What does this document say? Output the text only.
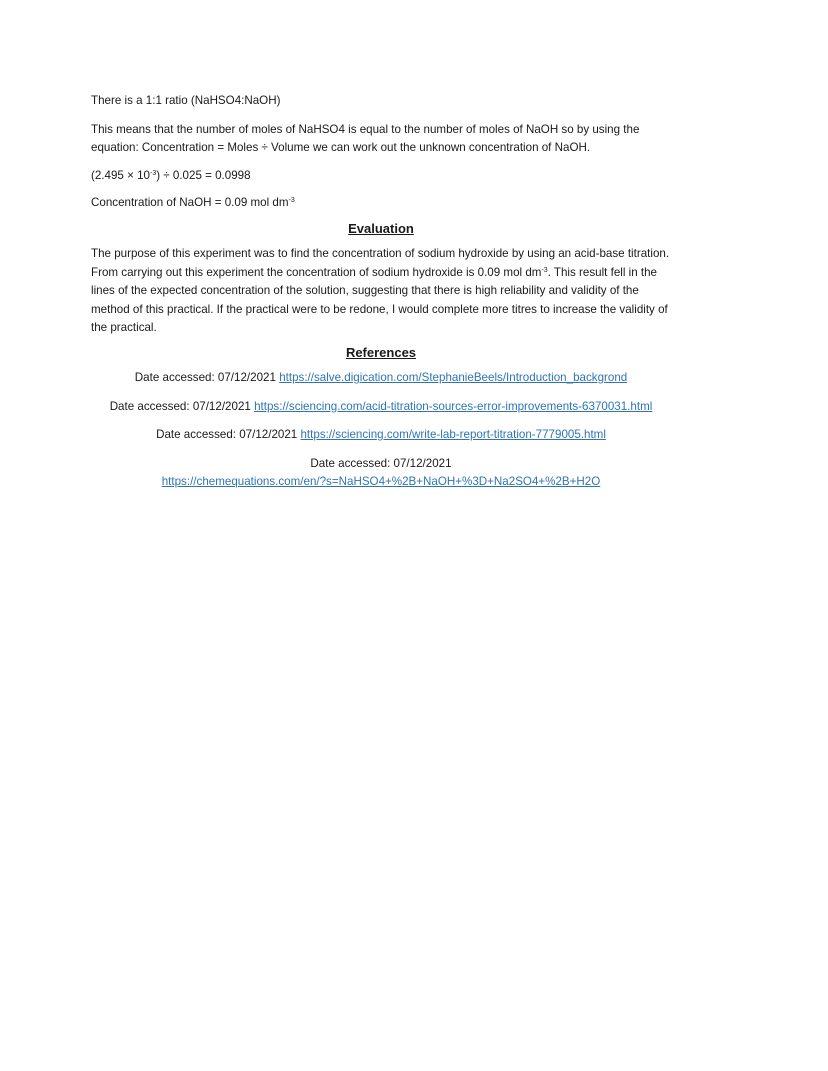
There is a 1:1 ratio (NaHSO4:NaOH)

This means that the number of moles of NaHSO4 is equal to the number of moles of NaOH so by using the equation: Concentration = Moles ÷ Volume we can work out the unknown concentration of NaOH.

$(2.495 \times 10^{-3}) \div 0.025 = 0.0998$

Concentration of NaOH = 0.09 mol $dm^{-3}$

Evaluation

The purpose of this experiment was to find the concentration of sodium hydroxide by using an acid-base titration. From carrying out this experiment the concentration of sodium hydroxide is 0.09 mol $dm^{-3}$. This result fell in the lines of the expected concentration of the solution, suggesting that there is high reliability and validity of the method of this practical. If the practical were to be redone, I would complete more titres to increase the validity of the practical.

References

Date accessed: 07/12/2021 https://salve.digication.com/StephanieBeels/Introduction_backgrond

Date accessed: 07/12/2021 https://sciencing.com/acid-titration-sources-error-improvements-6370031.html

Date accessed: 07/12/2021 https://sciencing.com/write-lab-report-titration-7779005.html

Date accessed: 07/12/2021
https://chemequations.com/en/?s=NaHSO4+%2B+NaOH+%3D+Na2SO4+%2B+H2O
